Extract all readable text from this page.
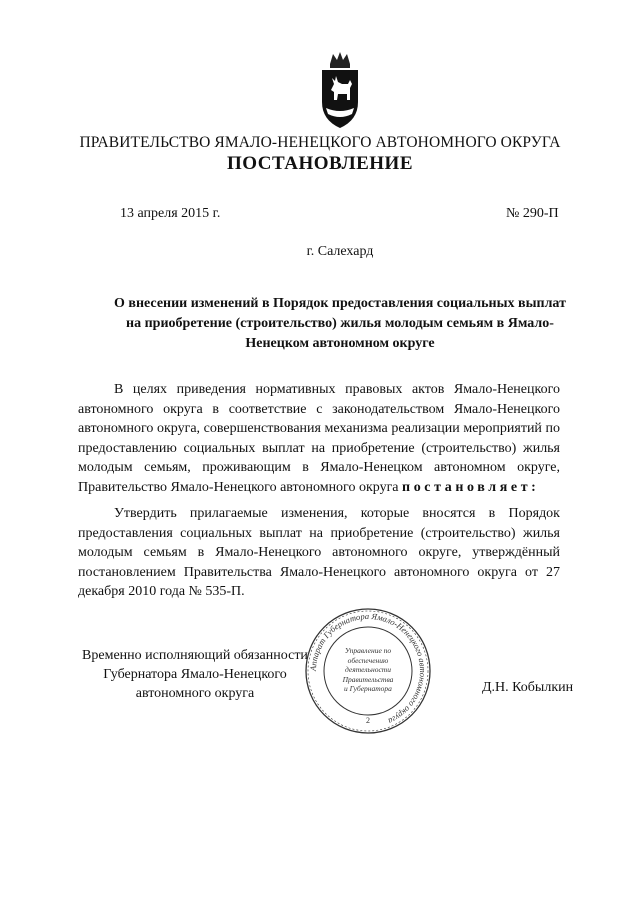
ПРАВИТЕЛЬСТВО ЯМАЛО-НЕНЕЦКОГО АВТОНОМНОГО ОКРУГА
ПОСТАНОВЛЕНИЕ
13 апреля 2015 г.	№ 290-П
г. Салехард
О внесении изменений в Порядок предоставления социальных выплат на приобретение (строительство) жилья молодым семьям в Ямало-Ненецком автономном округе

В целях приведения нормативных правовых актов Ямало-Ненецкого автономного округа в соответствие с законодательством Ямало-Ненецкого автономного округа, совершенствования механизма реализации мероприятий по предоставлению социальных выплат на приобретение (строительство) жилья молодым семьям, проживающим в Ямало-Ненецком автономном округе, Правительство Ямало-Ненецкого автономного округа постановляет:

Утвердить прилагаемые изменения, которые вносятся в Порядок предоставления социальных выплат на приобретение (строительство) жилья молодым семьям в Ямало-Ненецкого автономного округе, утверждённый постановлением Правительства Ямало-Ненецкого автономного округа от 27 декабря 2010 года № 535-П.

Временно исполняющий обязанности
Губернатора Ямало-Ненецкого
автономного округа
Аппарат Губернатора Ямало-Ненецкого автономного округа
2
Управление по
обеспечению
деятельности
Правительства
и Губернатора	Д.Н. Кобылкин
